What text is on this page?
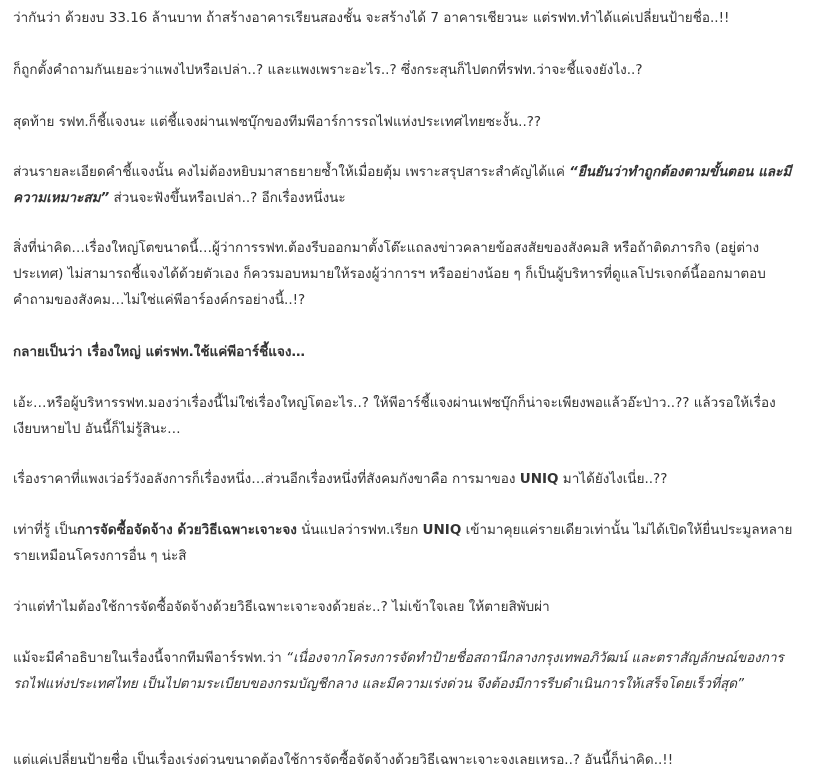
ว่ากันว่า ด้วยงบ 33.16 ล้านบาท ถ้าสร้างอาคารเรียนสองชั้น จะสร้างได้ 7 อาคารเชียวนะ แต่รฟท.ทำได้แค่เปลี่ยนป้ายชื่อ..!!

ก็ถูกตั้งคำถามกันเยอะว่าแพงไปหรือเปล่า..? และแพงเพราะอะไร..? ซึ่งกระสุนก็ไปตกที่รฟท.ว่าจะชี้แจงยังไง..?

สุดท้าย รฟท.ก็ชี้แจงนะ แต่ชี้แจงผ่านเฟซบุ๊กของทีมพีอาร์การรถไฟแห่งประเทศไทยซะงั้น..??

ส่วนรายละเอียดคำชี้แจงนั้น คงไม่ต้องหยิบมาสาธยายซ้ำให้เมื่อยตุ้ม เพราะสรุปสาระสำคัญได้แค่ “ยืนยันว่าทำถูกต้องตามขั้นตอน และมีความเหมาะสม” ส่วนจะฟังขึ้นหรือเปล่า..? อีกเรื่องหนึ่งนะ

สิ่งที่น่าคิด…เรื่องใหญ่โตขนาดนี้…ผู้ว่าการรฟท.ต้องรีบออกมาตั้งโต๊ะแถลงข่าวคลายข้อสงสัยของสังคมสิ หรือถ้าติดภารกิจ (อยู่ต่างประเทศ) ไม่สามารถชี้แจงได้ด้วยตัวเอง ก็ควรมอบหมายให้รองผู้ว่าการฯ หรืออย่างน้อย ๆ ก็เป็นผู้บริหารที่ดูแลโปรเจกต์นี้ออกมาตอบคำถามของสังคม…ไม่ใช่แค่พีอาร์องค์กรอย่างนี้..!?

กลายเป็นว่า เรื่องใหญ่ แต่รฟท.ใช้แค่พีอาร์ชี้แจง…

เอ้ะ…หรือผู้บริหารรฟท.มองว่าเรื่องนี้ไม่ใช่เรื่องใหญ่โตอะไร..? ให้พีอาร์ชี้แจงผ่านเฟซบุ๊กก็น่าจะเพียงพอแล้วอ๊ะป่าว..?? แล้วรอให้เรื่องเงียบหายไป อันนี้ก็ไม่รู้สินะ…

เรื่องราคาที่แพงเว่อร์วังอลังการก็เรื่องหนึ่ง…ส่วนอีกเรื่องหนึ่งที่สังคมกังขาคือ การมาของ UNIQ มาได้ยังไงเนี่ย..??

เท่าที่รู้ เป็นการจัดซื้อจัดจ้าง ด้วยวิธีเฉพาะเจาะจง นั่นแปลว่ารฟท.เรียก UNIQ เข้ามาคุยแค่รายเดียวเท่านั้น ไม่ได้เปิดให้ยื่นประมูลหลายรายเหมือนโครงการอื่น ๆ น่ะสิ

ว่าแต่ทำไมต้องใช้การจัดซื้อจัดจ้างด้วยวิธีเฉพาะเจาะจงด้วยล่ะ..? ไม่เข้าใจเลย ให้ตายสิพับผ่า

แม้จะมีคำอธิบายในเรื่องนี้จากทีมพีอาร์รฟท.ว่า “เนื่องจากโครงการจัดทำป้ายชื่อสถานีกลางกรุงเทพอภิวัฒน์ และตราสัญลักษณ์ของการรถไฟแห่งประเทศไทย เป็นไปตามระเบียบของกรมบัญชีกลาง และมีความเร่งด่วน จึงต้องมีการรีบดำเนินการให้เสร็จโดยเร็วที่สุด”

แต่แค่เปลี่ยนป้ายชื่อ เป็นเรื่องเร่งด่วนขนาดต้องใช้การจัดซื้อจัดจ้างด้วยวิธีเฉพาะเจาะจงเลยเหรอ..? อันนี้ก็น่าคิด..!!
